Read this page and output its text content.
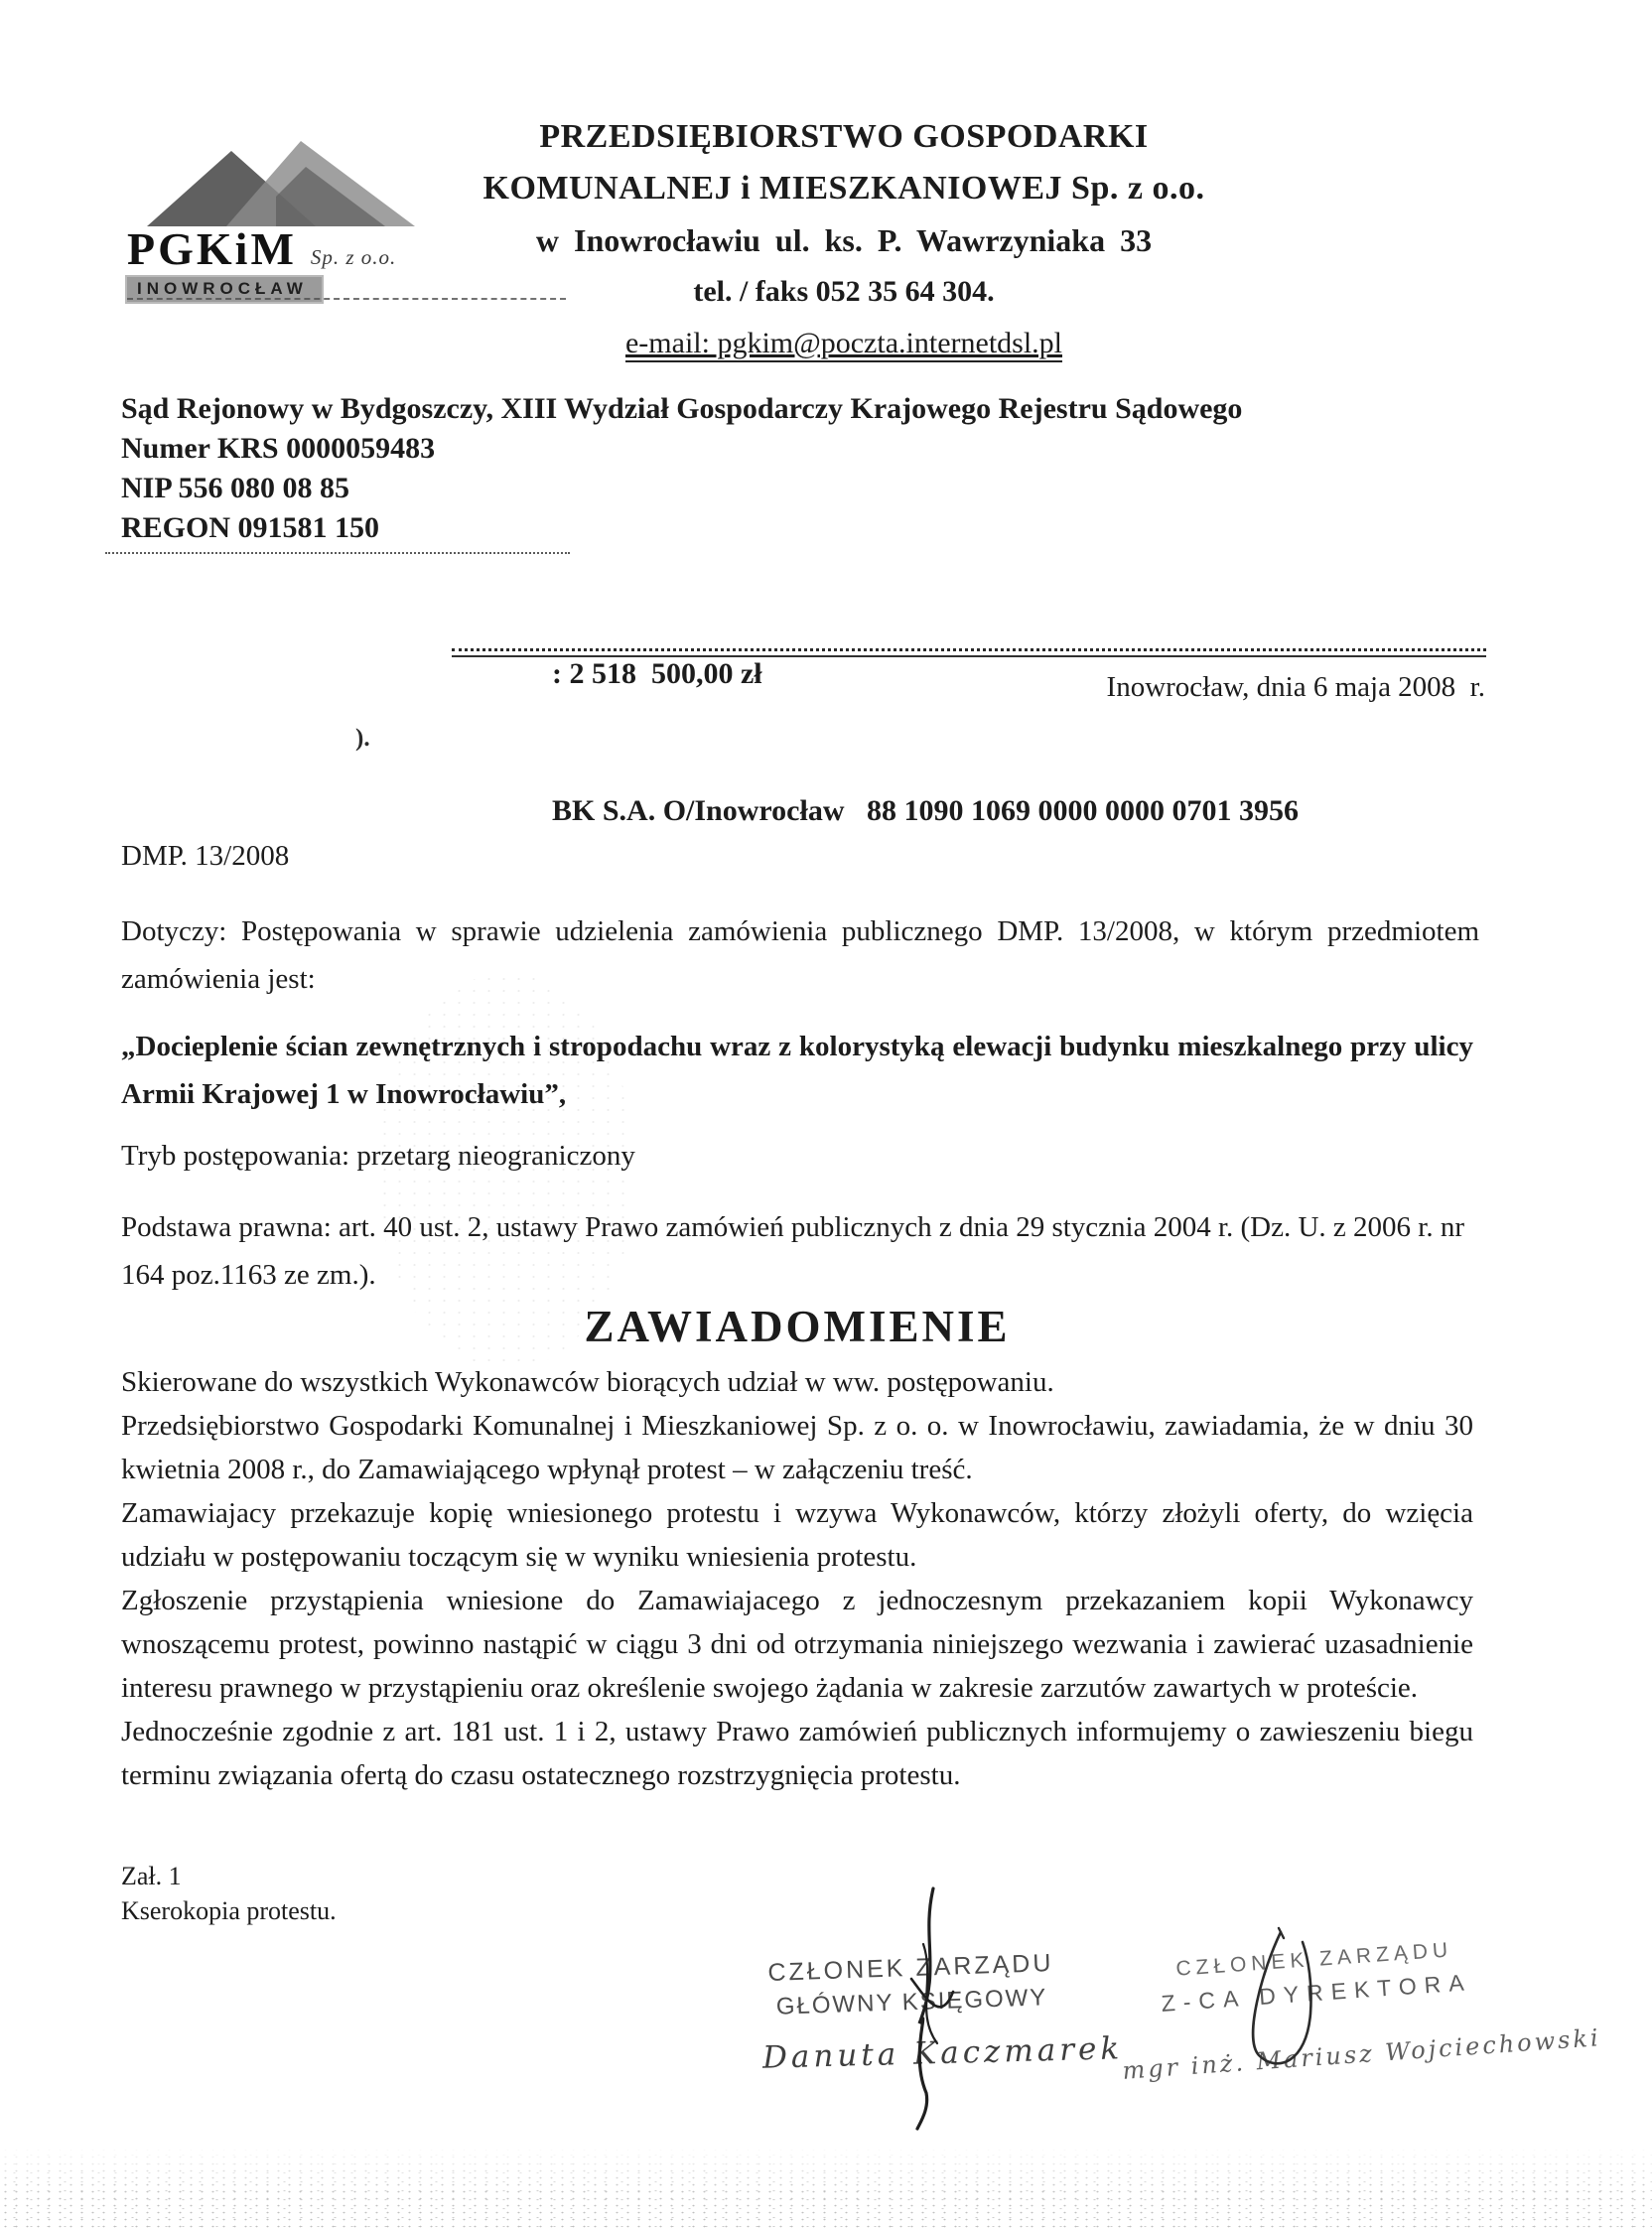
PGKiM Sp. z o.o.
INOWROCŁAW
PRZEDSIĘBIORSTWO GOSPODARKI
KOMUNALNEJ i MIESZKANIOWEJ Sp. z o.o.
w Inowrocławiu ul. ks. P. Wawrzyniaka 33
tel. / faks 052 35 64 304.
e-mail: pgkim@poczta.internetdsl.pl
Sąd Rejonowy w Bydgoszczy, XIII Wydział Gospodarczy Krajowego Rejestru Sądowego
Numer KRS 0000059483
NIP 556 080 08 85
REGON 091581 150

: 2 518  500,00 zł

BK S.A. O/Inowrocław   88 1090 1069 0000 0000 0701 3956

Inowrocław, dnia 6 maja 2008  r.
).
DMP. 13/2008
Dotyczy: Postępowania w sprawie udzielenia zamówienia publicznego DMP. 13/2008, w którym przedmiotem zamówienia jest:
„Docieplenie ścian zewnętrznych i stropodachu wraz z kolorystyką elewacji budynku mieszkalnego przy ulicy Armii Krajowej 1 w Inowrocławiu”,
Tryb postępowania: przetarg nieograniczony
Podstawa prawna: art. 40 ust. 2, ustawy Prawo zamówień publicznych z dnia 29 stycznia 2004 r. (Dz. U. z 2006 r. nr 164 poz.1163 ze zm.).
ZAWIADOMIENIE

Skierowane do wszystkich Wykonawców biorących udział w ww. postępowaniu.

Przedsiębiorstwo Gospodarki Komunalnej i Mieszkaniowej Sp. z o. o. w Inowrocławiu, zawiadamia, że w dniu 30 kwietnia 2008 r., do Zamawiającego wpłynął protest – w załączeniu treść.

Zamawiajacy przekazuje kopię wniesionego protestu i wzywa Wykonawców, którzy złożyli oferty, do wzięcia udziału w postępowaniu toczącym się w wyniku wniesienia protestu.

Zgłoszenie przystąpienia wniesione do Zamawiajacego z jednoczesnym przekazaniem kopii Wykonawcy wnoszącemu protest, powinno nastąpić w ciągu 3 dni od otrzymania niniejszego wezwania i zawierać uzasadnienie interesu prawnego w przystąpieniu oraz określenie swojego żądania w zakresie zarzutów zawartych w proteście.

Jednocześnie zgodnie z art. 181 ust. 1 i 2, ustawy Prawo zamówień publicznych informujemy o zawieszeniu biegu terminu związania ofertą do czasu ostatecznego rozstrzygnięcia protestu.

Zał. 1
Kserokopia protestu.
CZŁONEK ZARZĄDU
GŁÓWNY KSIĘGOWY
Danuta Kaczmarek
CZŁONEK ZARZĄDU
Z-CA DYREKTORA
mgr inż. Mariusz Wojciechowski
